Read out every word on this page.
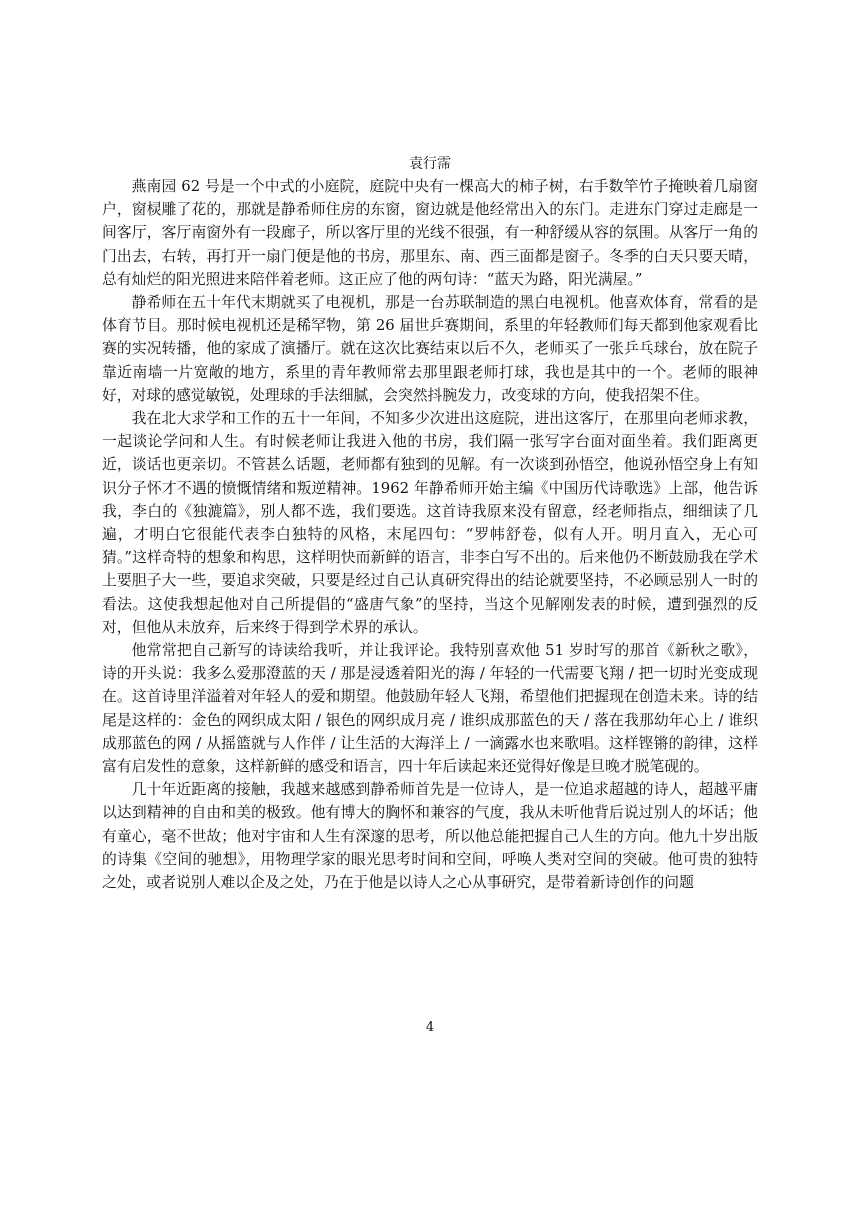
袁行霈

燕南园 62 号是一个中式的小庭院，庭院中央有一棵高大的柿子树，右手数竿竹子掩映着几扇窗户，窗棂雕了花的，那就是静希师住房的东窗，窗边就是他经常出入的东门。走进东门穿过走廊是一间客厅，客厅南窗外有一段廊子，所以客厅里的光线不很强，有一种舒缓从容的氛围。从客厅一角的门出去，右转，再打开一扇门便是他的书房，那里东、南、西三面都是窗子。冬季的白天只要天晴，总有灿烂的阳光照进来陪伴着老师。这正应了他的两句诗：“蓝天为路，阳光满屋。”

静希师在五十年代末期就买了电视机，那是一台苏联制造的黑白电视机。他喜欢体育，常看的是体育节目。那时候电视机还是稀罕物，第 26 届世乒赛期间，系里的年轻教师们每天都到他家观看比赛的实况转播，他的家成了演播厅。就在这次比赛结束以后不久，老师买了一张乒乓球台，放在院子靠近南墙一片宽敞的地方，系里的青年教师常去那里跟老师打球，我也是其中的一个。老师的眼神好，对球的感觉敏锐，处理球的手法细腻，会突然抖腕发力，改变球的方向，使我招架不住。

我在北大求学和工作的五十一年间，不知多少次进出这庭院，进出这客厅，在那里向老师求教，一起谈论学问和人生。有时候老师让我进入他的书房，我们隔一张写字台面对面坐着。我们距离更近，谈话也更亲切。不管甚么话题，老师都有独到的见解。有一次谈到孙悟空，他说孙悟空身上有知识分子怀才不遇的愤慨情绪和叛逆精神。1962 年静希师开始主编《中国历代诗歌选》上部，他告诉我，李白的《独漉篇》，别人都不选，我们要选。这首诗我原来没有留意，经老师指点，细细读了几遍，才明白它很能代表李白独特的风格，末尾四句：“罗帏舒卷，似有人开。明月直入，无心可猜。”这样奇特的想象和构思，这样明快而新鲜的语言，非李白写不出的。后来他仍不断鼓励我在学术上要胆子大一些，要追求突破，只要是经过自己认真研究得出的结论就要坚持，不必顾忌别人一时的看法。这使我想起他对自己所提倡的“盛唐气象”的坚持，当这个见解刚发表的时候，遭到强烈的反对，但他从未放弃，后来终于得到学术界的承认。

他常常把自己新写的诗读给我听，并让我评论。我特别喜欢他 51 岁时写的那首《新秋之歌》，诗的开头说：我多么爱那澄蓝的天 / 那是浸透着阳光的海 / 年轻的一代需要飞翔 / 把一切时光变成现在。这首诗里洋溢着对年轻人的爱和期望。他鼓励年轻人飞翔，希望他们把握现在创造未来。诗的结尾是这样的：金色的网织成太阳 / 银色的网织成月亮 / 谁织成那蓝色的天 / 落在我那幼年心上 / 谁织成那蓝色的网 / 从摇篮就与人作伴 / 让生活的大海洋上 / 一滴露水也来歌唱。这样铿锵的韵律，这样富有启发性的意象，这样新鲜的感受和语言，四十年后读起来还觉得好像是旦晚才脱笔砚的。

几十年近距离的接触，我越来越感到静希师首先是一位诗人，是一位追求超越的诗人，超越平庸以达到精神的自由和美的极致。他有博大的胸怀和兼容的气度，我从未听他背后说过别人的坏话；他有童心，毫不世故；他对宇宙和人生有深邃的思考，所以他总能把握自己人生的方向。他九十岁出版的诗集《空间的驰想》，用物理学家的眼光思考时间和空间，呼唤人类对空间的突破。他可贵的独特之处，或者说别人难以企及之处，乃在于他是以诗人之心从事研究，是带着新诗创作的问题

4
